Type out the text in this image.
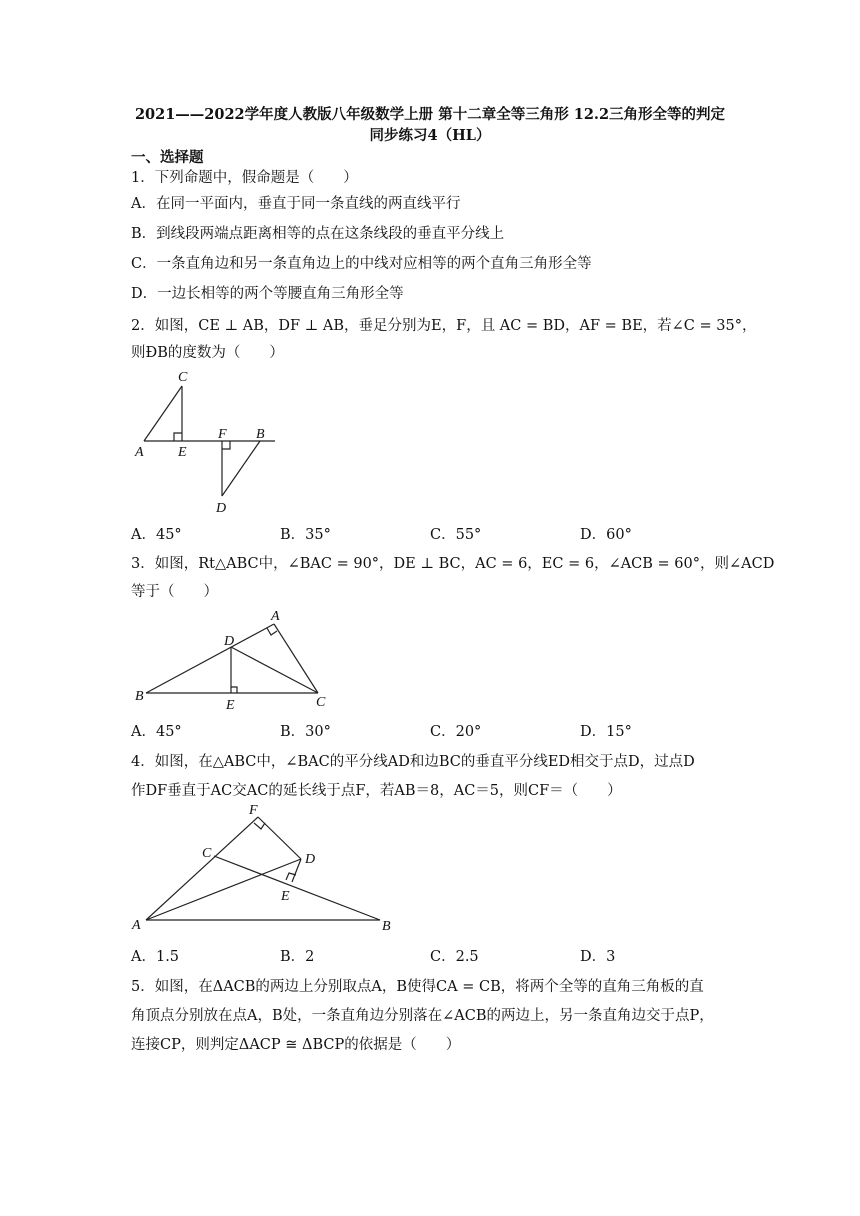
2021——2022学年度人教版八年级数学上册 第十二章全等三角形 12.2三角形全等的判定
同步练习4（HL）
一、选择题
1．下列命题中，假命题是（　　）
A．在同一平面内，垂直于同一条直线的两直线平行
B．到线段两端点距离相等的点在这条线段的垂直平分线上
C．一条直角边和另一条直角边上的中线对应相等的两个直角三角形全等
D．一边长相等的两个等腰直角三角形全等
2．如图，CE ⊥ AB，DF ⊥ AB，垂足分别为E，F，且 AC = BD，AF = BE，若∠C = 35°，
则ÐB的度数为（　　）
C
A E
F B
D
A．45°	B．35°	C．55°	D．60°
3．如图，Rt△ABC中，∠BAC = 90°，DE ⊥ BC，AC = 6，EC = 6，∠ACB = 60°，则∠ACD
等于（　　）
A
D
B
E	C
A．45°	B．30°	C．20°	D．15°
4．如图，在△ABC中，∠BAC的平分线AD和边BC的垂直平分线ED相交于点D，过点D
作DF垂直于AC交AC的延长线于点F，若AB＝8，AC＝5，则CF＝（　　）
F
C	D
E
A	B
A．1.5	B．2	C．2.5	D．3
5．如图，在ΔACB的两边上分别取点A，B使得CA = CB，将两个全等的直角三角板的直
角顶点分别放在点A，B处，一条直角边分别落在∠ACB的两边上，另一条直角边交于点P，
连接CP，则判定ΔACP ≅ ΔBCP的依据是（　　）
